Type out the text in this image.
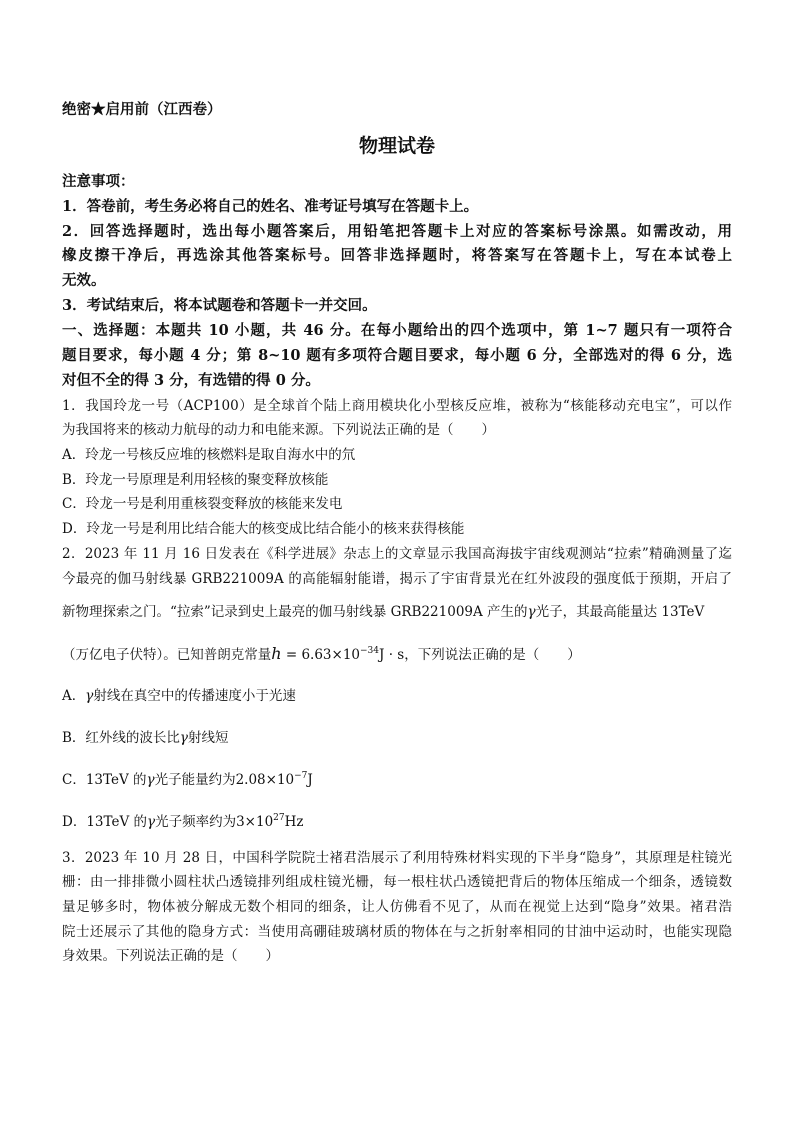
绝密★启用前（江西卷）
物理试卷
注意事项：
1．答卷前，考生务必将自己的姓名、准考证号填写在答题卡上。
2．回答选择题时，选出每小题答案后，用铅笔把答题卡上对应的答案标号涂黑。如需改动，用
橡皮擦干净后，再选涂其他答案标号。回答非选择题时，将答案写在答题卡上，写在本试卷上
无效。
3．考试结束后，将本试题卷和答题卡一并交回。
一、选择题：本题共 10 小题，共 46 分。在每小题给出的四个选项中，第 1~7 题只有一项符合
题目要求，每小题 4 分；第 8~10 题有多项符合题目要求，每小题 6 分，全部选对的得 6 分，选
对但不全的得 3 分，有选错的得 0 分。
1．我国玲龙一号（ACP100）是全球首个陆上商用模块化小型核反应堆，被称为“核能移动充电宝”，可以作
为我国将来的核动力航母的动力和电能来源。下列说法正确的是（ ）
A．玲龙一号核反应堆的核燃料是取自海水中的氘
B．玲龙一号原理是利用轻核的聚变释放核能
C．玲龙一号是利用重核裂变释放的核能来发电
D．玲龙一号是利用比结合能大的核变成比结合能小的核来获得核能
2．2023 年 11 月 16 日发表在《科学进展》杂志上的文章显示我国高海拔宇宙线观测站“拉索”精确测量了迄
今最亮的伽马射线暴 GRB221009A 的高能辐射能谱，揭示了宇宙背景光在红外波段的强度低于预期，开启了
新物理探索之门。“拉索”记录到史上最亮的伽马射线暴 GRB221009A 产生的γ光子，其最高能量达 13TeV
（万亿电子伏特）。已知普朗克常量$h = 6.63\times 10^{-34}J \cdot s$，下列说法正确的是（ ）
A．γ射线在真空中的传播速度小于光速
B．红外线的波长比γ射线短
C．13TeV 的γ光子能量约为$2.08\times 10^{-7}J$
D．13TeV 的γ光子频率约为$3\times 10^{27}Hz$
3．2023 年 10 月 28 日，中国科学院院士褚君浩展示了利用特殊材料实现的下半身“隐身”，其原理是柱镜光
栅：由一排排微小圆柱状凸透镜排列组成柱镜光栅，每一根柱状凸透镜把背后的物体压缩成一个细条，透镜数
量足够多时，物体被分解成无数个相同的细条，让人仿佛看不见了，从而在视觉上达到“隐身”效果。褚君浩
院士还展示了其他的隐身方式：当使用高硼硅玻璃材质的物体在与之折射率相同的甘油中运动时，也能实现隐
身效果。下列说法正确的是（ ）
